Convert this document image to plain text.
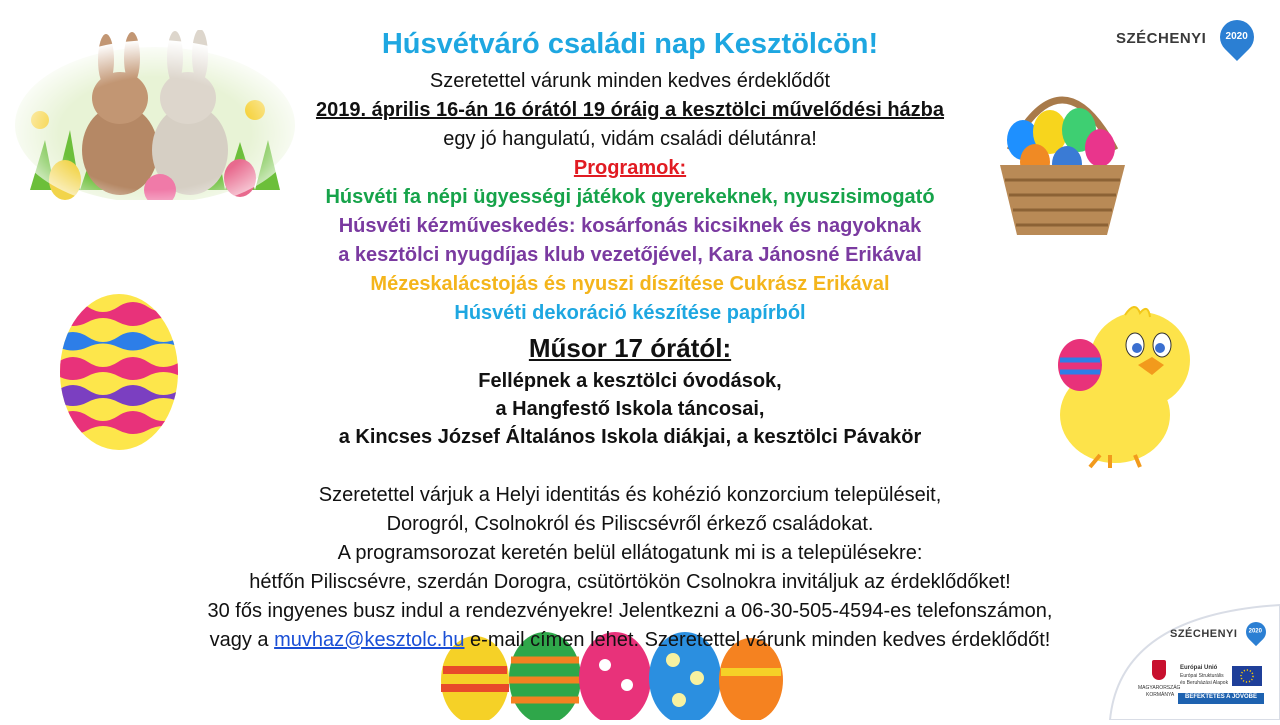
SZÉCHENYI	2020
SZÉCHENYI	2020
MAGYARORSZÁG
KORMÁNYA
Európai Unió
Európai Strukturális
és Beruházási Alapok
BEFEKTETÉS A JÖVŐBE
Húsvétváró családi nap Kesztölcön!
Szeretettel várunk minden kedves érdeklődőt
2019. április 16-án 16 órától 19 óráig a kesztölci művelődési házba
egy jó hangulatú, vidám családi délutánra!
Programok:
Húsvéti fa népi ügyességi játékok gyerekeknek, nyuszisimogató
Húsvéti kézműveskedés: kosárfonás kicsiknek és nagyoknak
a kesztölci nyugdíjas klub vezetőjével, Kara Jánosné Erikával
Mézeskalácstojás és nyuszi díszítése Cukrász Erikával
Húsvéti dekoráció készítése papírból
Műsor 17 órától:
Fellépnek a kesztölci óvodások,
a Hangfestő Iskola táncosai,
a Kincses József Általános Iskola diákjai, a kesztölci Pávakör
Szeretettel várjuk a Helyi identitás és kohézió konzorcium településeit,
Dorogról, Csolnokról és Piliscsévről érkező családokat.
A programsorozat keretén belül ellátogatunk mi is a településekre:
hétfőn Piliscsévre, szerdán Dorogra, csütörtökön Csolnokra invitáljuk az érdeklődőket!
30 fős ingyenes busz indul a rendezvényekre! Jelentkezni a 06-30-505-4594-es telefonszámon,
vagy a muvhaz@kesztolc.hu e-mail címen lehet. Szeretettel várunk minden kedves érdeklődőt!
